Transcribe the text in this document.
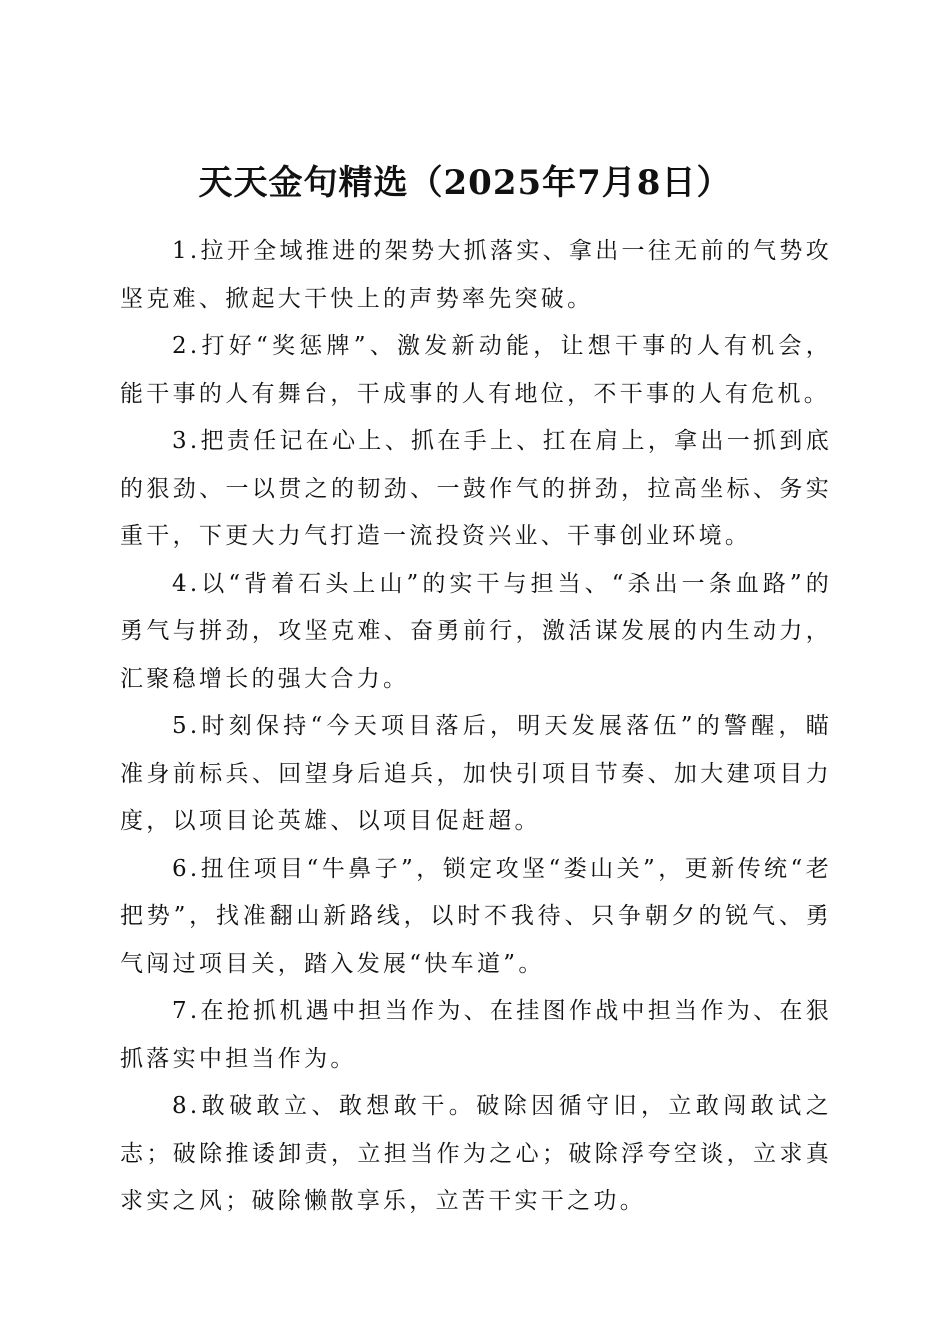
天天金句精选（2025年7月8日）

1.拉开全域推进的架势大抓落实、拿出一往无前的气势攻坚克难、掀起大干快上的声势率先突破。

2.打好“奖惩牌”、激发新动能，让想干事的人有机会，能干事的人有舞台，干成事的人有地位，不干事的人有危机。

3.把责任记在心上、抓在手上、扛在肩上，拿出一抓到底的狠劲、一以贯之的韧劲、一鼓作气的拼劲，拉高坐标、务实重干，下更大力气打造一流投资兴业、干事创业环境。

4.以“背着石头上山”的实干与担当、“杀出一条血路”的勇气与拼劲，攻坚克难、奋勇前行，激活谋发展的内生动力，汇聚稳增长的强大合力。

5.时刻保持“今天项目落后，明天发展落伍”的警醒，瞄准身前标兵、回望身后追兵，加快引项目节奏、加大建项目力度，以项目论英雄、以项目促赶超。

6.扭住项目“牛鼻子”，锁定攻坚“娄山关”，更新传统“老把势”，找准翻山新路线，以时不我待、只争朝夕的锐气、勇气闯过项目关，踏入发展“快车道”。

7.在抢抓机遇中担当作为、在挂图作战中担当作为、在狠抓落实中担当作为。

8.敢破敢立、敢想敢干。破除因循守旧，立敢闯敢试之志；破除推诿卸责，立担当作为之心；破除浮夸空谈，立求真求实之风；破除懒散享乐，立苦干实干之功。
